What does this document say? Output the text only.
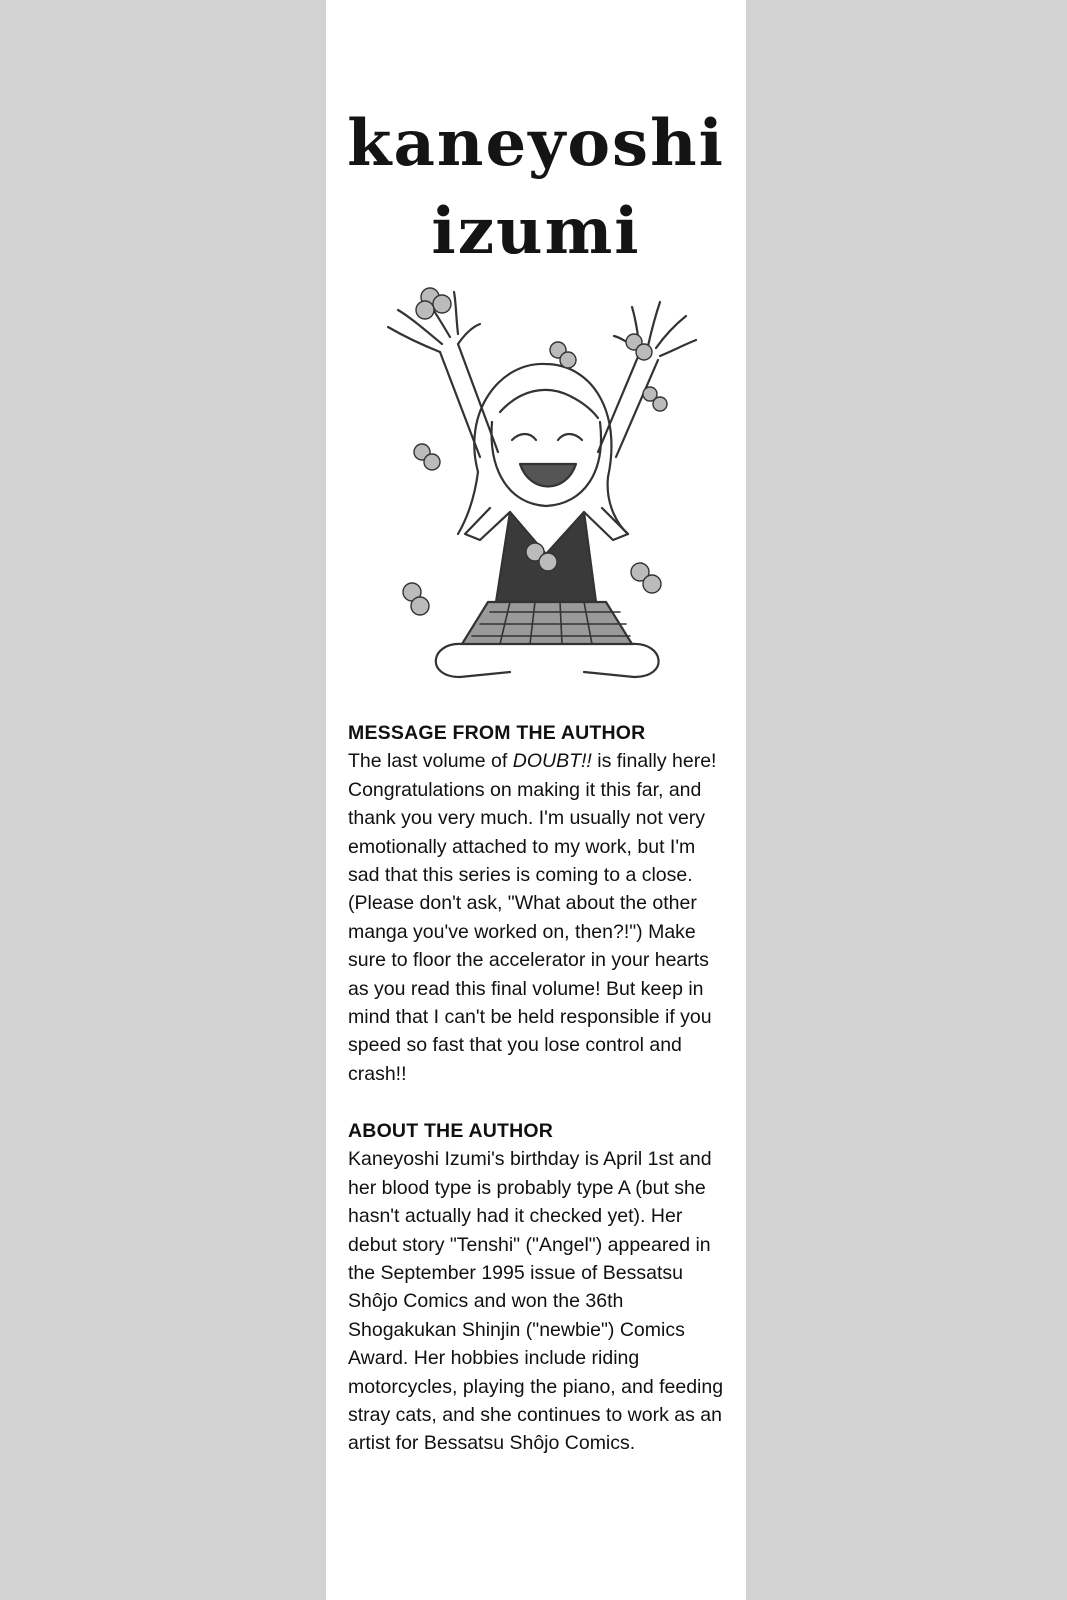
kaneyoshi
izumi
MESSAGE FROM THE AUTHOR

The last volume of DOUBT!! is finally here! Congratulations on making it this far, and thank you very much. I'm usually not very emotionally attached to my work, but I'm sad that this series is coming to a close. (Please don't ask, "What about the other manga you've worked on, then?!") Make sure to floor the accelerator in your hearts as you read this final volume! But keep in mind that I can't be held responsible if you speed so fast that you lose control and crash!!

ABOUT THE AUTHOR

Kaneyoshi Izumi's birthday is April 1st and her blood type is probably type A (but she hasn't actually had it checked yet). Her debut story "Tenshi" ("Angel") appeared in the September 1995 issue of Bessatsu Shôjo Comics and won the 36th Shogakukan Shinjin ("newbie") Comics Award. Her hobbies include riding motorcycles, playing the piano, and feeding stray cats, and she continues to work as an artist for Bessatsu Shôjo Comics.
